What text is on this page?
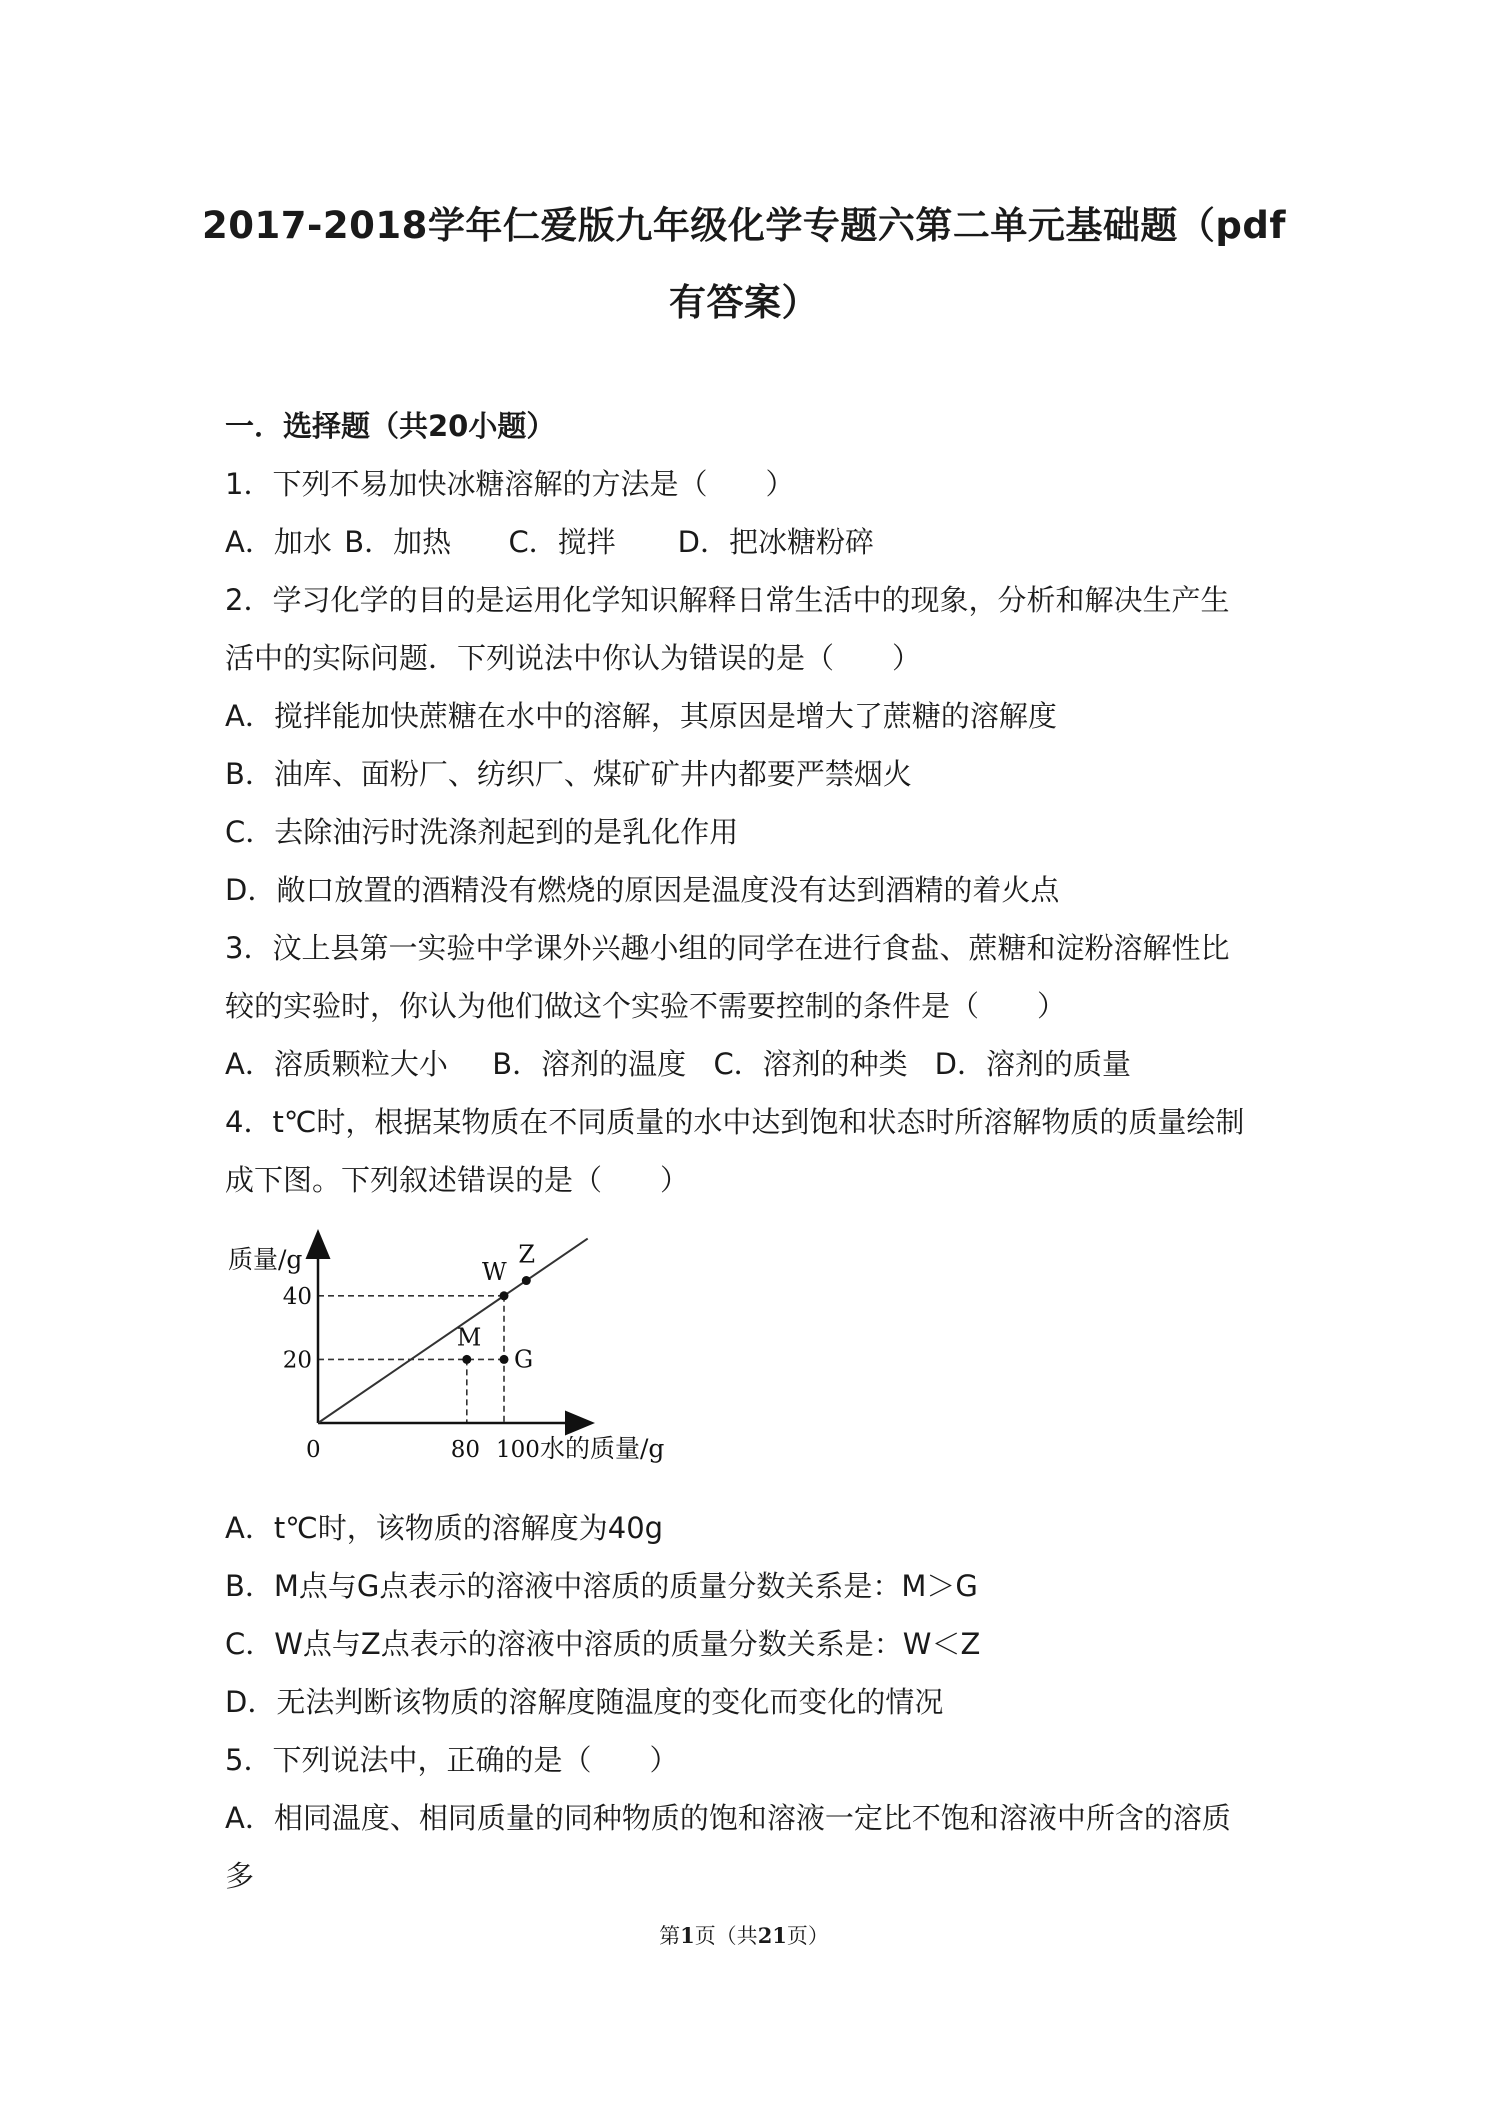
2017-2018学年仁爱版九年级化学专题六第二单元基础题（pdf
有答案）
一．选择题（共20小题）
1．下列不易加快冰糖溶解的方法是（　　）
A．加水 B．加热 C．搅拌 D．把冰糖粉碎
2．学习化学的目的是运用化学知识解释日常生活中的现象，分析和解决生产生
活中的实际问题．下列说法中你认为错误的是（　　）
A．搅拌能加快蔗糖在水中的溶解，其原因是增大了蔗糖的溶解度
B．油库、面粉厂、纺织厂、煤矿矿井内都要严禁烟火
C．去除油污时洗涤剂起到的是乳化作用
D．敞口放置的酒精没有燃烧的原因是温度没有达到酒精的着火点
3．汶上县第一实验中学课外兴趣小组的同学在进行食盐、蔗糖和淀粉溶解性比
较的实验时，你认为他们做这个实验不需要控制的条件是（　　）
A．溶质颗粒大小 B．溶剂的温度 C．溶剂的种类 D．溶剂的质量
4．t℃时，根据某物质在不同质量的水中达到饱和状态时所溶解物质的质量绘制
成下图。下列叙述错误的是（　　）
M
G
W
Z
质量/g
0	80 100
20
40
水的质量/g
A．t℃时，该物质的溶解度为40g
B．M点与G点表示的溶液中溶质的质量分数关系是：M＞G
C．W点与Z点表示的溶液中溶质的质量分数关系是：W＜Z
D．无法判断该物质的溶解度随温度的变化而变化的情况
5．下列说法中，正确的是（　　）
A．相同温度、相同质量的同种物质的饱和溶液一定比不饱和溶液中所含的溶质
多
第1页（共21页）
